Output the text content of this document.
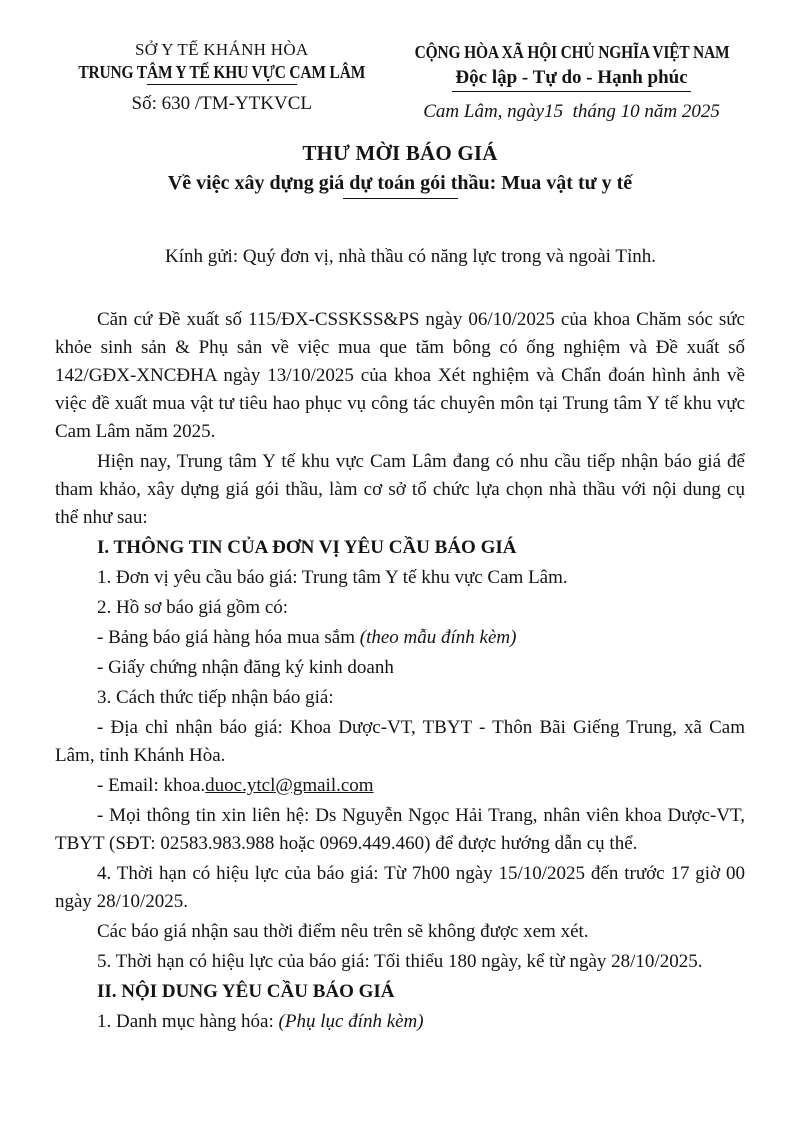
SỞ Y TẾ KHÁNH HÒA
TRUNG TÂM Y TẾ KHU VỰC CAM LÂM
Số: 630 /TM-YTKVCL
CỘNG HÒA XÃ HỘI CHỦ NGHĨA VIỆT NAM
Độc lập - Tự do - Hạnh phúc
Cam Lâm, ngày15  tháng 10 năm 2025
THƯ MỜI BÁO GIÁ
Về việc xây dựng giá dự toán gói thầu: Mua vật tư y tế
Kính gửi: Quý đơn vị, nhà thầu có năng lực trong và ngoài Tỉnh.

Căn cứ Đề xuất số 115/ĐX-CSSKSS&PS ngày 06/10/2025 của khoa Chăm sóc sức khỏe sinh sản & Phụ sản về việc mua que tăm bông có ống nghiệm và Đề xuất số 142/GĐX-XNCĐHA ngày 13/10/2025 của khoa Xét nghiệm và Chẩn đoán hình ảnh về việc đề xuất mua vật tư tiêu hao phục vụ công tác chuyên môn tại Trung tâm Y tế khu vực Cam Lâm năm 2025.

Hiện nay, Trung tâm Y tế khu vực Cam Lâm đang có nhu cầu tiếp nhận báo giá để tham khảo, xây dựng giá gói thầu, làm cơ sở tổ chức lựa chọn nhà thầu với nội dung cụ thể như sau:

I. THÔNG TIN CỦA ĐƠN VỊ YÊU CẦU BÁO GIÁ

1. Đơn vị yêu cầu báo giá: Trung tâm Y tế khu vực Cam Lâm.

2. Hồ sơ báo giá gồm có:

- Bảng báo giá hàng hóa mua sắm (theo mẫu đính kèm)

- Giấy chứng nhận đăng ký kinh doanh

3. Cách thức tiếp nhận báo giá:

- Địa chỉ nhận báo giá: Khoa Dược-VT, TBYT - Thôn Bãi Giếng Trung, xã Cam Lâm, tỉnh Khánh Hòa.

- Email: khoa.duoc.ytcl@gmail.com

- Mọi thông tin xin liên hệ: Ds Nguyễn Ngọc Hải Trang, nhân viên khoa Dược-VT, TBYT (SĐT: 02583.983.988 hoặc 0969.449.460) để được hướng dẫn cụ thể.

4. Thời hạn có hiệu lực của báo giá: Từ 7h00 ngày 15/10/2025 đến trước 17 giờ 00 ngày 28/10/2025.

Các báo giá nhận sau thời điểm nêu trên sẽ không được xem xét.

5. Thời hạn có hiệu lực của báo giá: Tối thiểu 180 ngày, kể từ ngày 28/10/2025.

II. NỘI DUNG YÊU CẦU BÁO GIÁ

1. Danh mục hàng hóa: (Phụ lục đính kèm)
